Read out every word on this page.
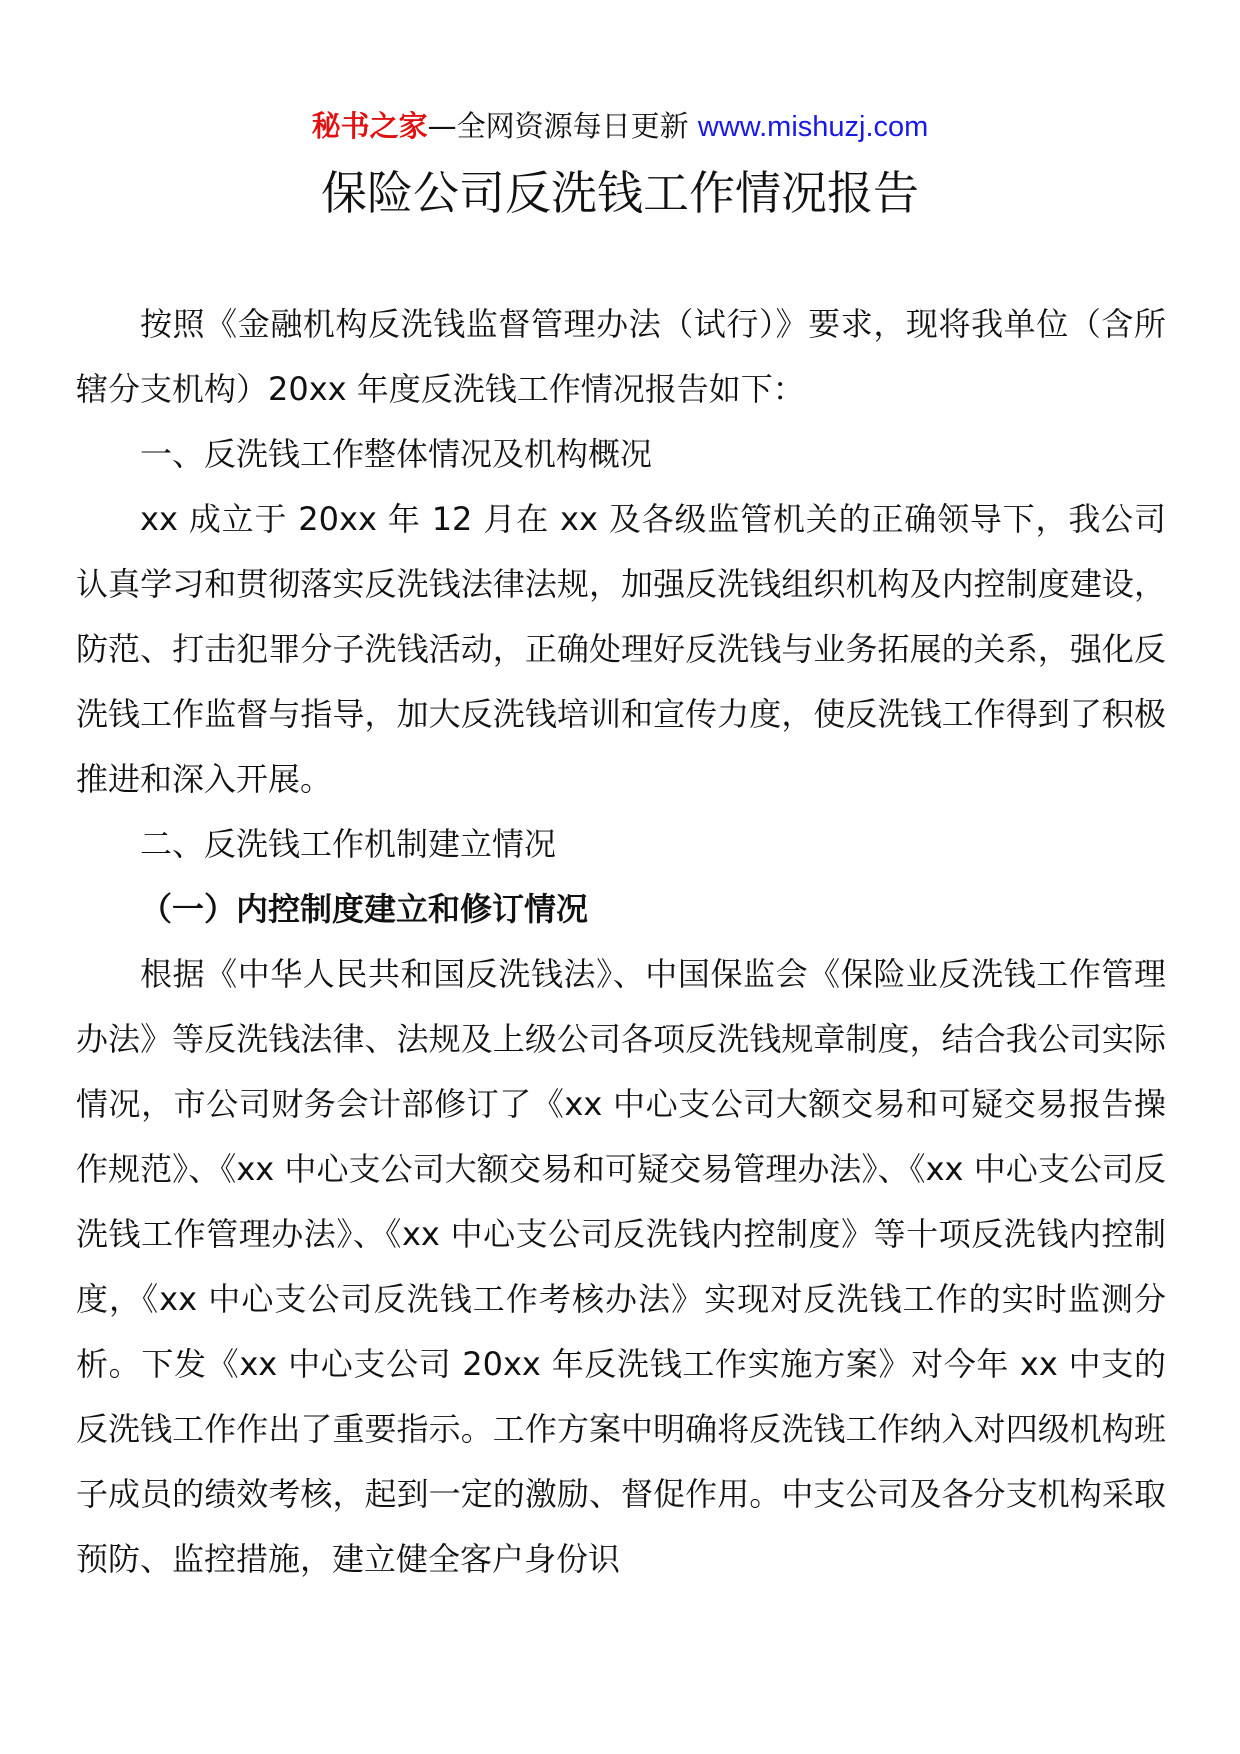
秘书之家—全网资源每日更新 www.mishuzj.com
保险公司反洗钱工作情况报告

按照《金融机构反洗钱监督管理办法（试行）》要求，现将我单位（含所辖分支机构）20xx 年度反洗钱工作情况报告如下：

一、反洗钱工作整体情况及机构概况

xx 成立于 20xx 年 12 月在 xx 及各级监管机关的正确领导下，我公司认真学习和贯彻落实反洗钱法律法规，加强反洗钱组织机构及内控制度建设，防范、打击犯罪分子洗钱活动，正确处理好反洗钱与业务拓展的关系，强化反洗钱工作监督与指导，加大反洗钱培训和宣传力度，使反洗钱工作得到了积极推进和深入开展。

二、反洗钱工作机制建立情况

（一）内控制度建立和修订情况

根据《中华人民共和国反洗钱法》、中国保监会《保险业反洗钱工作管理办法》等反洗钱法律、法规及上级公司各项反洗钱规章制度，结合我公司实际情况，市公司财务会计部修订了《xx 中心支公司大额交易和可疑交易报告操作规范》、《xx 中心支公司大额交易和可疑交易管理办法》、《xx 中心支公司反洗钱工作管理办法》、《xx 中心支公司反洗钱内控制度》等十项反洗钱内控制度，《xx 中心支公司反洗钱工作考核办法》实现对反洗钱工作的实时监测分析。下发《xx 中心支公司 20xx 年反洗钱工作实施方案》对今年 xx 中支的反洗钱工作作出了重要指示。工作方案中明确将反洗钱工作纳入对四级机构班子成员的绩效考核，起到一定的激励、督促作用。中支公司及各分支机构采取预防、监控措施，建立健全客户身份识
